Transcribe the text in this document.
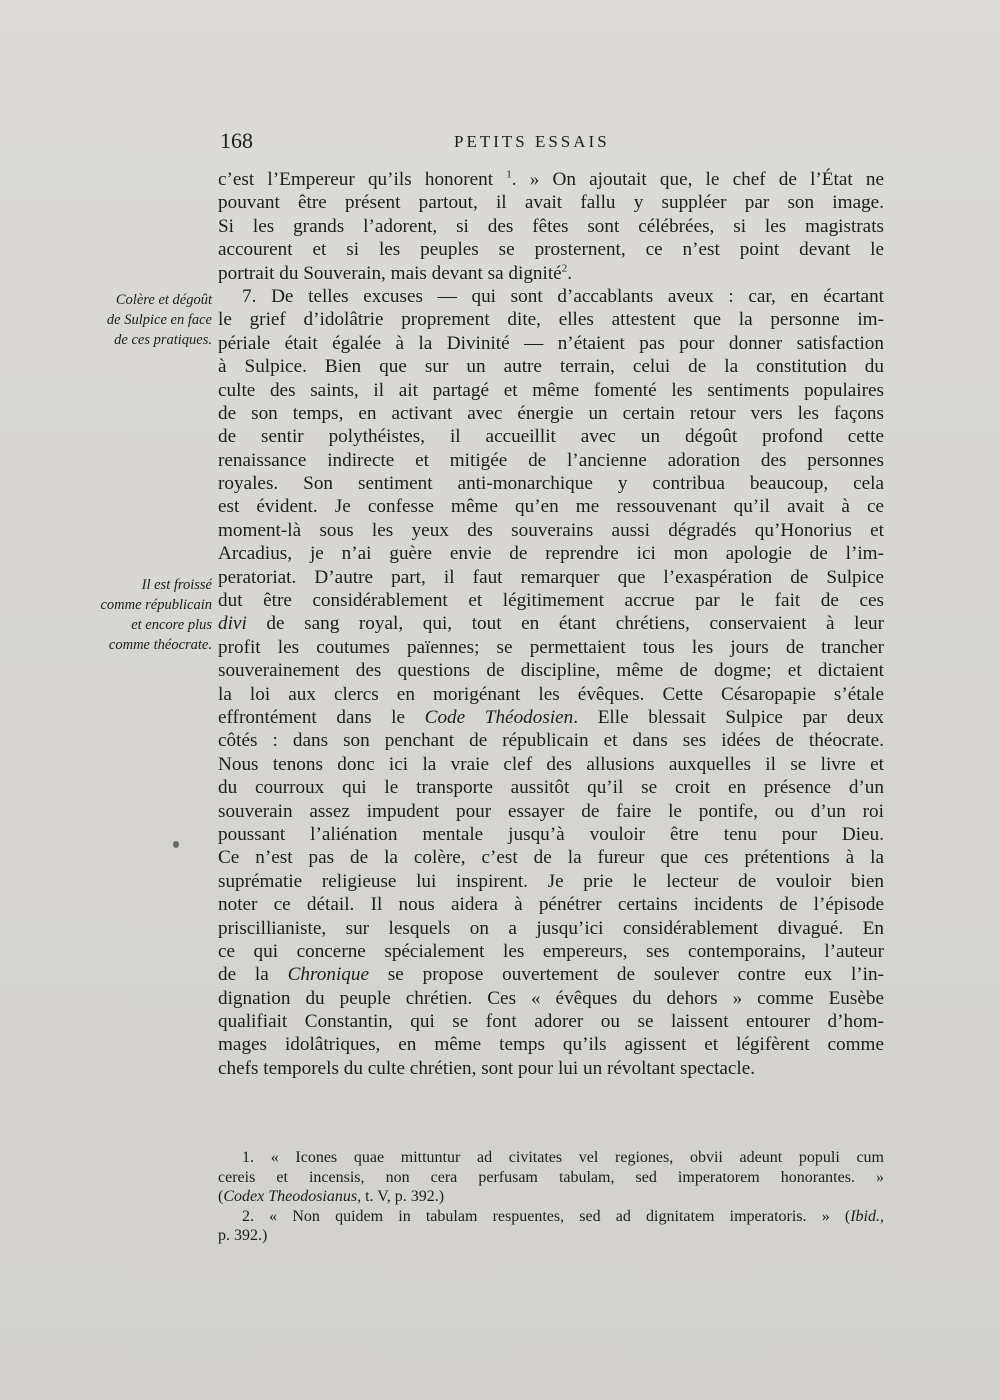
168	PETITS ESSAIS
Colère et dégoût
de Sulpice en face
de ces pratiques.
Il est froissé
comme républicain
et encore plus
comme théocrate.
c’est l’Empereur qu’ils honorent $^1$. » On ajoutait que, le chef de l’État ne
pouvant être présent partout, il avait fallu y suppléer par son image.
Si les grands l’adorent, si des fêtes sont célébrées, si les magistrats
accourent et si les peuples se prosternent, ce n’est point devant le
portrait du Souverain, mais devant sa dignité$^2$.
7. De telles excuses — qui sont d’accablants aveux : car, en écartant
le grief d’idolâtrie proprement dite, elles attestent que la personne im-
périale était égalée à la Divinité — n’étaient pas pour donner satisfaction
à Sulpice. Bien que sur un autre terrain, celui de la constitution du
culte des saints, il ait partagé et même fomenté les sentiments populaires
de son temps, en activant avec énergie un certain retour vers les façons
de sentir polythéistes, il accueillit avec un dégoût profond cette
renaissance indirecte et mitigée de l’ancienne adoration des personnes
royales. Son sentiment anti-monarchique y contribua beaucoup, cela
est évident. Je confesse même qu’en me ressouvenant qu’il avait à ce
moment-là sous les yeux des souverains aussi dégradés qu’Honorius et
Arcadius, je n’ai guère envie de reprendre ici mon apologie de l’im-
peratoriat. D’autre part, il faut remarquer que l’exaspération de Sulpice
dut être considérablement et légitimement accrue par le fait de ces
divi de sang royal, qui, tout en étant chrétiens, conservaient à leur
profit les coutumes païennes; se permettaient tous les jours de trancher
souverainement des questions de discipline, même de dogme; et dictaient
la loi aux clercs en morigénant les évêques. Cette Césaropapie s’étale
effrontément dans le Code Théodosien. Elle blessait Sulpice par deux
côtés : dans son penchant de républicain et dans ses idées de théocrate.
Nous tenons donc ici la vraie clef des allusions auxquelles il se livre et
du courroux qui le transporte aussitôt qu’il se croit en présence d’un
souverain assez impudent pour essayer de faire le pontife, ou d’un roi
poussant l’aliénation mentale jusqu’à vouloir être tenu pour Dieu.
Ce n’est pas de la colère, c’est de la fureur que ces prétentions à la
suprématie religieuse lui inspirent. Je prie le lecteur de vouloir bien
noter ce détail. Il nous aidera à pénétrer certains incidents de l’épisode
priscillianiste, sur lesquels on a jusqu’ici considérablement divagué. En
ce qui concerne spécialement les empereurs, ses contemporains, l’auteur
de la Chronique se propose ouvertement de soulever contre eux l’in-
dignation du peuple chrétien. Ces « évêques du dehors » comme Eusèbe
qualifiait Constantin, qui se font adorer ou se laissent entourer d’hom-
mages idolâtriques, en même temps qu’ils agissent et légifèrent comme
chefs temporels du culte chrétien, sont pour lui un révoltant spectacle.
1. « Icones quae mittuntur ad civitates vel regiones, obvii adeunt populi cum
cereis et incensis, non cera perfusam tabulam, sed imperatorem honorantes. »
(Codex Theodosianus, t. V, p. 392.)
2. « Non quidem in tabulam respuentes, sed ad dignitatem imperatoris. » (Ibid.,
p. 392.)
